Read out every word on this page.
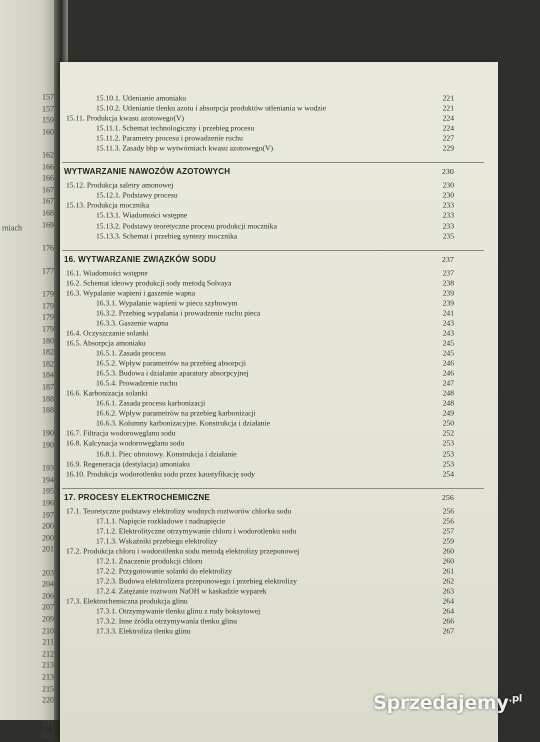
157
157
159
160
162
166
166
167
167
168
169
176
177
179
179
179
179
180
182
182
184
187
188
188
190
190
193
194
195
196
197
200
200
201
203
204
206
207
209
210
211
212
213
213
215
220
221
221
rniach
15.10.1. Utlenianie amoniaku	221
15.10.2. Utlenianie tlenku azotu i absorpcja produktów utleniania w wodzie	221
15.11. Produkcja kwasu azotowego(V)	224
15.11.1. Schemat technologiczny i przebieg procesu	224
15.11.2. Parametry procesu i prowadzenie ruchu	227
15.11.3. Zasady bhp w wytwórniach kwasu azotowego(V)	229
WYTWARZANIE NAWOZÓW AZOTOWYCH	230
15.12. Produkcja saletry amonowej	230
15.12.1. Podstawy procesu	230
15.13. Produkcja mocznika	233
15.13.1. Wiadomości wstępne	233
15.13.2. Podstawy teoretyczne procesu produkcji mocznika	233
15.13.3. Schemat i przebieg syntezy mocznika	235
16. WYTWARZANIE ZWIĄZKÓW SODU	237
16.1. Wiadomości wstępne	237
16.2. Schemat ideowy produkcji sody metodą Solvaya	238
16.3. Wypalanie wapieni i gaszenie wapna	239
16.3.1. Wypalanie wapieni w piecu szybowym	239
16.3.2. Przebieg wypalania i prowadzenie ruchu pieca	241
16.3.3. Gaszenie wapna	243
16.4. Oczyszczanie solanki	243
16.5. Absorpcja amoniaku	245
16.5.1. Zasada procesu	245
16.5.2. Wpływ parametrów na przebieg absorpcji	246
16.5.3. Budowa i działanie aparatury absorpcyjnej	246
16.5.4. Prowadzenie ruchu	247
16.6. Karbonizacja solanki	248
16.6.1. Zasada procesu karbonizacji	248
16.6.2. Wpływ parametrów na przebieg karbonizacji	249
16.6.3. Kolumny karbonizacyjne. Konstrukcja i działanie	250
16.7. Filtracja wodorowęglanu sodu	252
16.8. Kalcynacja wodorowęglanu sodu	253
16.8.1. Piec obrotowy. Konstrukcja i działanie	253
16.9. Regeneracja (destylacja) amoniaku	253
16.10. Produkcja wodorotlenku sodu przez kaustyfikację sody	254
17. PROCESY ELEKTROCHEMICZNE	256
17.1. Teoretyczne podstawy elektrolizy wodnych roztworów chlorku sodu	256
17.1.1. Napięcie rozkładowe i nadnapięcie	256
17.1.2. Elektrolityczne otrzymywanie chloru i wodorotlenku sodu	257
17.1.3. Wskaźniki przebiegu elektrolizy	259
17.2. Produkcja chloru i wodorotlenku sodu metodą elektrolizy przeponowej	260
17.2.1. Znaczenie produkcji chloru	260
17.2.2. Przygotowanie solanki do elektrolizy	261
17.2.3. Budowa elektrolizera przeponowego i przebieg elektrolizy	262
17.2.4. Zatężanie roztworu NaOH w kaskadzie wyparek	263
17.3. Elektrochemiczna produkcja glinu	264
17.3.1. Otrzymywanie tlenku glinu z rudy boksytowej	264
17.3.2. Inne źródła otrzymywania tlenku glinu	266
17.3.3. Elektroliza tlenku glinu	267
Sprzedajemy$^{.pl}$
